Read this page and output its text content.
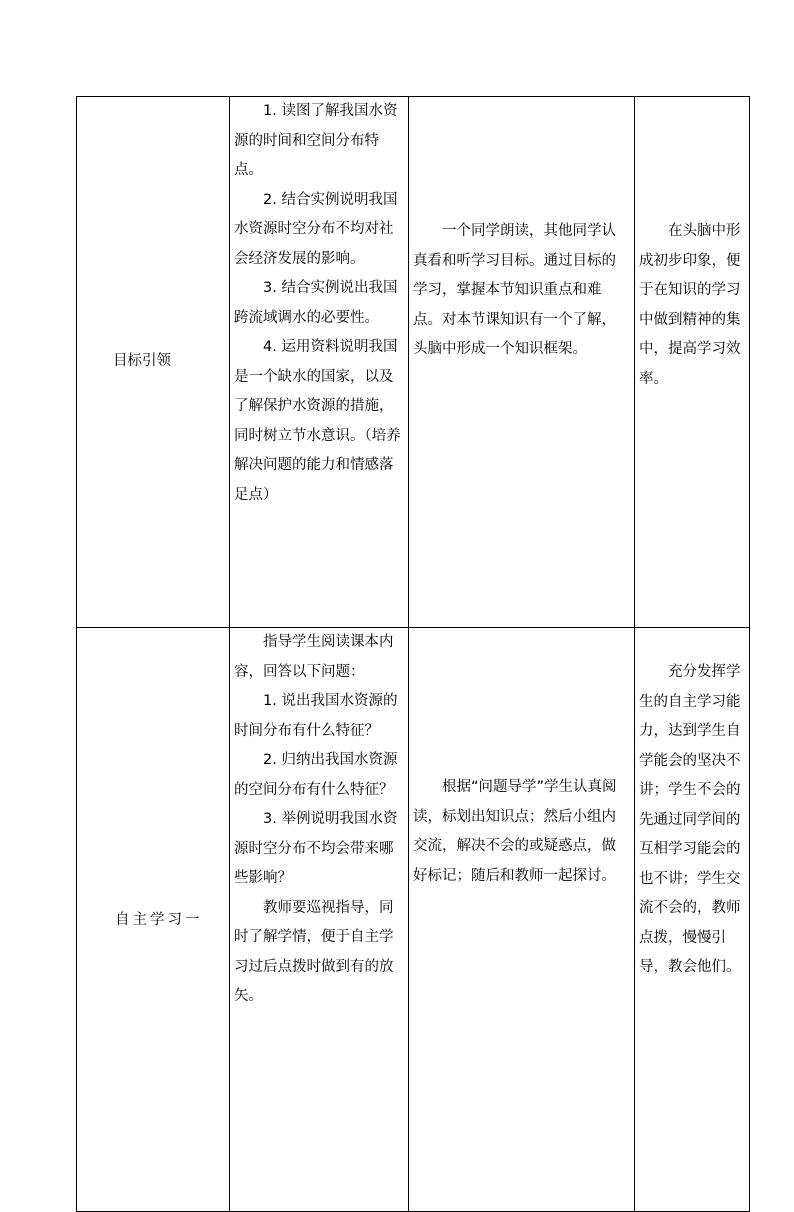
目标引领	1. 读图了解我国水资源的时间和空间分布特点。

2. 结合实例说明我国水资源时空分布不均对社会经济发展的影响。

3. 结合实例说出我国跨流域调水的必要性。

4. 运用资料说明我国是一个缺水的国家，以及了解保护水资源的措施，同时树立节水意识。（培养解决问题的能力和情感落足点）	一个同学朗读，其他同学认真看和听学习目标。通过目标的学习，掌握本节知识重点和难点。对本节课知识有一个了解，头脑中形成一个知识框架。	在头脑中形成初步印象，便于在知识的学习中做到精神的集中，提高学习效率。

自主学习一	指导学生阅读课本内容，回答以下问题：

1. 说出我国水资源的时间分布有什么特征？

2. 归纳出我国水资源的空间分布有什么特征？

3. 举例说明我国水资源时空分布不均会带来哪些影响？

教师要巡视指导，同时了解学情，便于自主学习过后点拨时做到有的放矢。	根据“问题导学”学生认真阅读，标划出知识点；然后小组内交流，解决不会的或疑惑点，做好标记；随后和教师一起探讨。	充分发挥学生的自主学习能力，达到学生自学能会的坚决不讲；学生不会的先通过同学间的互相学习能会的也不讲；学生交流不会的，教师点拨，慢慢引导，教会他们。
